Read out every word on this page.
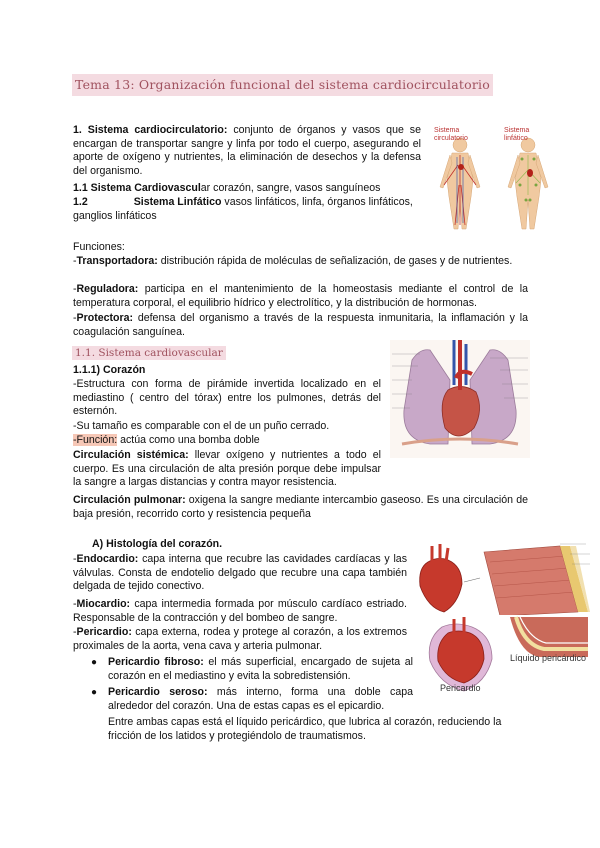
Tema 13: Organización funcional del sistema cardiocirculatorio
1. Sistema cardiocirculatorio: conjunto de órganos y vasos que se encargan de transportar sangre y linfa por todo el cuerpo, asegurando el aporte de oxígeno y nutrientes, la eliminación de desechos y la defensa del organismo.
1.1 Sistema Cardiovascular corazón, sangre, vasos sanguíneos
1.2	Sistema Linfático vasos linfáticos, linfa, órganos linfáticos, ganglios linfáticos
Sistema circulatorio
Sistema linfático
Funciones:
-Transportadora: distribución rápida de moléculas de señalización, de gases y de nutrientes.
-Reguladora: participa en el mantenimiento de la homeostasis mediante el control de la temperatura corporal, el equilibrio hídrico y electrolítico, y la distribución de hormonas.
-Protectora: defensa del organismo a través de la respuesta inmunitaria, la inflamación y la coagulación sanguínea.
1.1. Sistema cardiovascular
1.1.1) Corazón
-Estructura con forma de pirámide invertida localizado en el mediastino ( centro del tórax) entre los pulmones, detrás del esternón.
-Su tamaño es comparable con el de un puño cerrado.
-Función: actúa como una bomba doble
Circulación sistémica: llevar oxígeno y nutrientes a todo el cuerpo. Es una circulación de alta presión porque debe impulsar la sangre a largas distancias y contra mayor resistencia.
Circulación pulmonar: oxigena la sangre mediante intercambio gaseoso. Es una circulación de baja presión, recorrido corto y resistencia pequeña
A) Histología del corazón.
-Endocardio: capa interna que recubre las cavidades cardíacas y las válvulas. Consta de endotelio delgado que recubre una capa también delgada de tejido conectivo.
-Miocardio: capa intermedia formada por músculo cardíaco estriado. Responsable de la contracción y del bombeo de sangre.
-Pericardio: capa externa, rodea y protege al corazón, a los extremos proximales de la aorta, vena cava y arteria pulmonar.
● Pericardio fibroso: el más superficial, encargado de sujeta al corazón en el mediastino y evita la sobredistensión.
● Pericardio seroso: más interno, forma una doble capa alrededor del corazón. Una de estas capas es el epicardio.
Entre ambas capas está el líquido pericárdico, que lubrica al corazón, reduciendo la fricción de los latidos y protegiéndolo de traumatismos.
Líquido pericárdico
Pericardio
